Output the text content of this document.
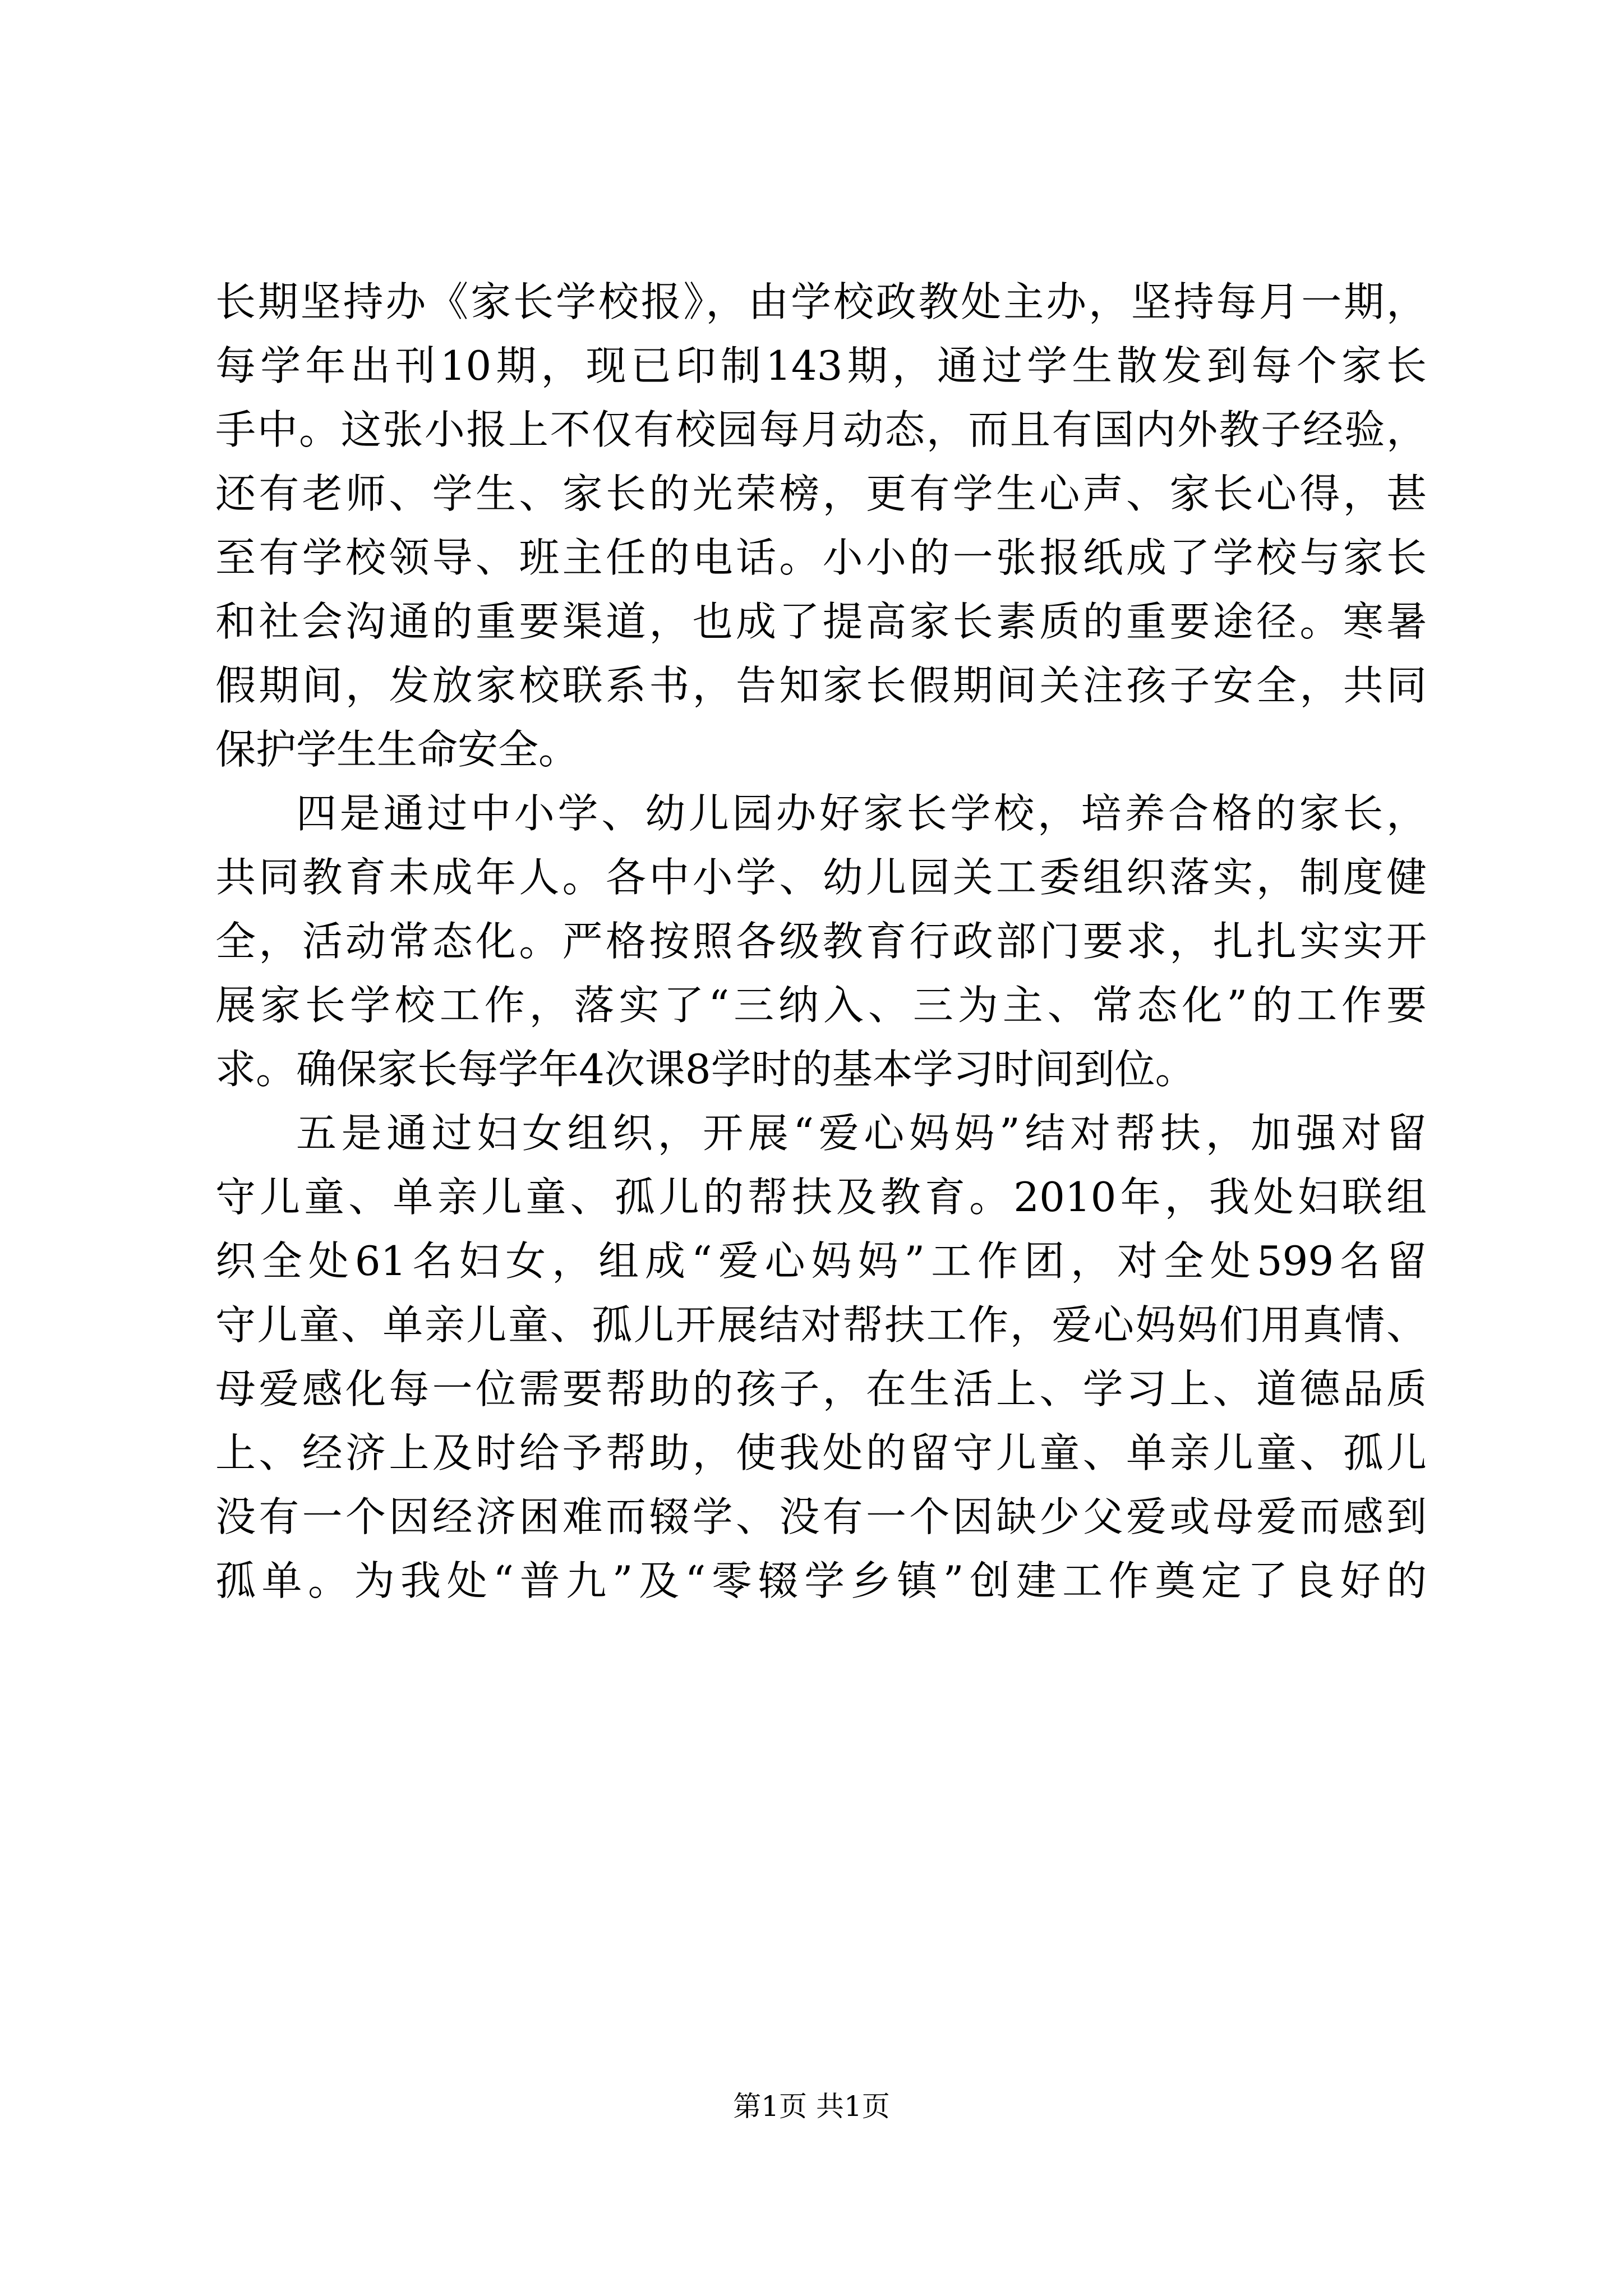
长期坚持办《家长学校报》，由学校政教处主办，坚持每月一期，
每学年出刊10期，现已印制143期，通过学生散发到每个家长
手中。这张小报上不仅有校园每月动态，而且有国内外教子经验，
还有老师、学生、家长的光荣榜，更有学生心声、家长心得，甚
至有学校领导、班主任的电话。小小的一张报纸成了学校与家长
和社会沟通的重要渠道，也成了提高家长素质的重要途径。寒暑
假期间，发放家校联系书，告知家长假期间关注孩子安全，共同
保护学生生命安全。
四是通过中小学、幼儿园办好家长学校，培养合格的家长，
共同教育未成年人。各中小学、幼儿园关工委组织落实，制度健
全，活动常态化。严格按照各级教育行政部门要求，扎扎实实开
展家长学校工作，落实了“三纳入、三为主、常态化”的工作要
求。确保家长每学年4次课8学时的基本学习时间到位。
五是通过妇女组织，开展“爱心妈妈”结对帮扶，加强对留
守儿童、单亲儿童、孤儿的帮扶及教育。2010年，我处妇联组
织全处61名妇女，组成“爱心妈妈”工作团，对全处599名留
守儿童、单亲儿童、孤儿开展结对帮扶工作，爱心妈妈们用真情、
母爱感化每一位需要帮助的孩子，在生活上、学习上、道德品质
上、经济上及时给予帮助，使我处的留守儿童、单亲儿童、孤儿
没有一个因经济困难而辍学、没有一个因缺少父爱或母爱而感到
孤单。为我处“普九”及“零辍学乡镇”创建工作奠定了良好的
第1页 共1页
